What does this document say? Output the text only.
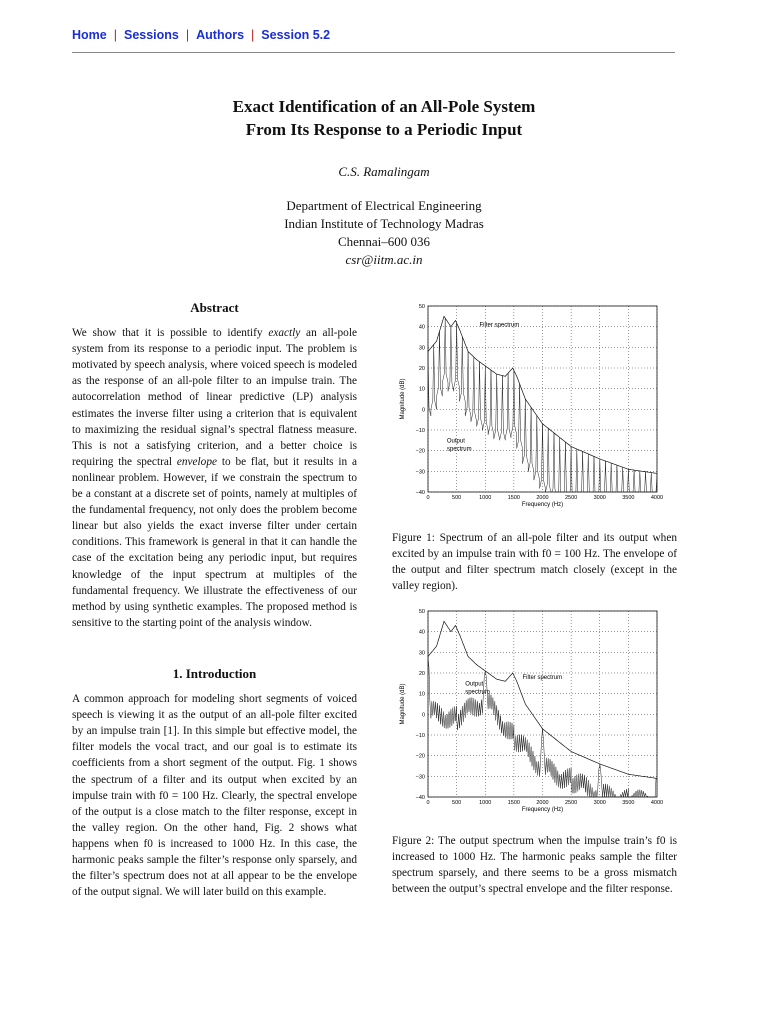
Home | Sessions | Authors | Session 5.2
Exact Identification of an All-Pole System
From Its Response to a Periodic Input
C.S. Ramalingam
Department of Electrical Engineering
Indian Institute of Technology Madras
Chennai–600 036
csr@iitm.ac.in
Abstract
We show that it is possible to identify exactly an all-pole system from its response to a periodic input. The problem is motivated by speech analysis, where voiced speech is modeled as the response of an all-pole filter to an impulse train. The autocorrelation method of linear predictive (LP) analysis estimates the inverse filter using a criterion that is equivalent to maximizing the residual signal’s spectral flatness measure. This is not a satisfying criterion, and a better choice is requiring the spectral envelope to be flat, but it results in a nonlinear problem. However, if we constrain the spectrum to be a constant at a discrete set of points, namely at multiples of the fundamental frequency, not only does the problem become linear but also yields the exact inverse filter under certain conditions. This framework is general in that it can handle the case of the excitation being any periodic input, but requires knowledge of the input spectrum at multiples of the fundamental frequency. We illustrate the effectiveness of our method by using synthetic examples. The proposed method is sensitive to the starting point of the analysis window.
1. Introduction
A common approach for modeling short segments of voiced speech is viewing it as the output of an all-pole filter excited by an impulse train [1]. In this simple but effective model, the filter models the vocal tract, and our goal is to estimate its coefficients from a short segment of the output. Fig. 1 shows the spectrum of a filter and its output when excited by an impulse train with f0 = 100 Hz. Clearly, the spectral envelope of the output is a close match to the filter response, except in the valley region. On the other hand, Fig. 2 shows what happens when f0 is increased to 1000 Hz. In this case, the harmonic peaks sample the filter’s response only sparsely, and the filter’s spectrum does not at all appear to be the envelope of the output signal. We will later build on this example.
0	500	1000	1500	2000	2500	3000	3500	4000
−40
−30
−20
−10
0
10
20
30
40
50
Frequency (Hz)
Magnitude (dB)
Filter spectrum
Output
spectrum
Figure 1: Spectrum of an all-pole filter and its output when excited by an impulse train with f0 = 100 Hz. The envelope of the output and filter spectrum match closely (except in the valley region).
0	500	1000	1500	2000	2500	3000	3500	4000
−40
−30
−20
−10
0
10
20
30
40
50
Frequency (Hz)
Magnitude (dB)
Filter spectrum
Output
spectrum
Figure 2: The output spectrum when the impulse train’s f0 is increased to 1000 Hz. The harmonic peaks sample the filter spectrum sparsely, and there seems to be a gross mismatch between the output’s spectral envelope and the filter response.
